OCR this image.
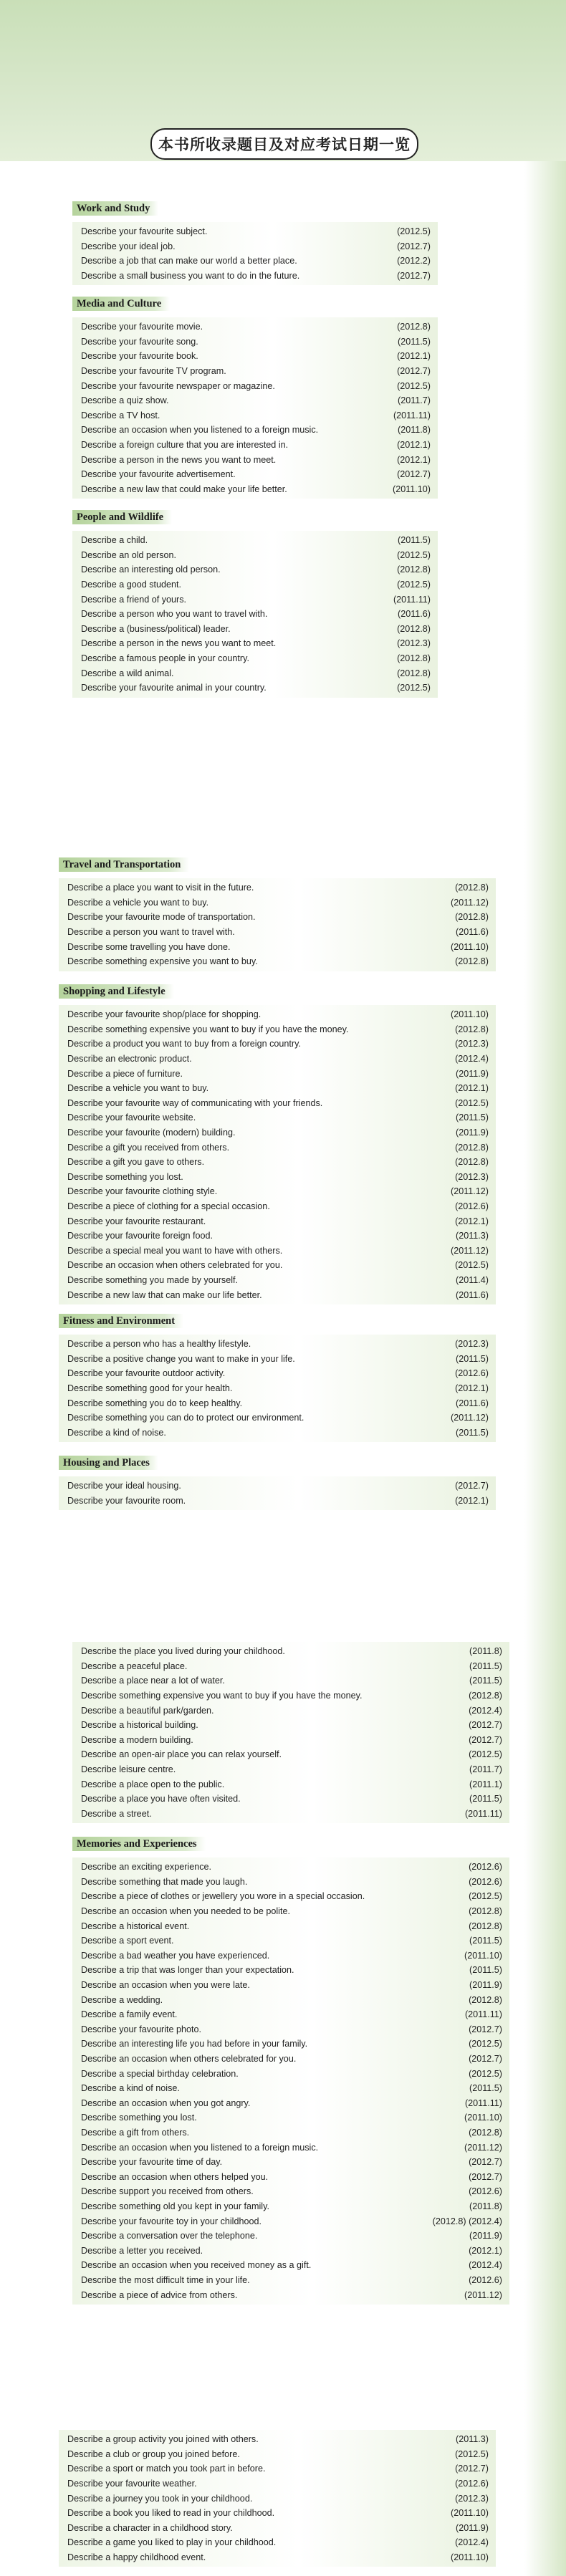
本书所收录题目及对应考试日期一览
Work and Study
Describe your favourite subject.	(2012.5)
Describe your ideal job.	(2012.7)
Describe a job that can make our world a better place.	(2012.2)
Describe a small business you want to do in the future.	(2012.7)
Media and Culture
Describe your favourite movie.	(2012.8)
Describe your favourite song.	(2011.5)
Describe your favourite book.	(2012.1)
Describe your favourite TV program.	(2012.7)
Describe your favourite newspaper or magazine.	(2012.5)
Describe a quiz show.	(2011.7)
Describe a TV host.	(2011.11)
Describe an occasion when you listened to a foreign music.	(2011.8)
Describe a foreign culture that you are interested in.	(2012.1)
Describe a person in the news you want to meet.	(2012.1)
Describe your favourite advertisement.	(2012.7)
Describe a new law that could make your life better.	(2011.10)
People and Wildlife
Describe a child.	(2011.5)
Describe an old person.	(2012.5)
Describe an interesting old person.	(2012.8)
Describe a good student.	(2012.5)
Describe a friend of yours.	(2011.11)
Describe a person who you want to travel with.	(2011.6)
Describe a (business/political) leader.	(2012.8)
Describe a person in the news you want to meet.	(2012.3)
Describe a famous people in your country.	(2012.8)
Describe a wild animal.	(2012.8)
Describe your favourite animal in your country.	(2012.5)
Travel and Transportation
Describe a place you want to visit in the future.	(2012.8)
Describe a vehicle you want to buy.	(2011.12)
Describe your favourite mode of transportation.	(2012.8)
Describe a person you want to travel with.	(2011.6)
Describe some travelling you have done.	(2011.10)
Describe something expensive you want to buy.	(2012.8)
Shopping and Lifestyle
Describe your favourite shop/place for shopping.	(2011.10)
Describe something expensive you want to buy if you have the money.	(2012.8)
Describe a product you want to buy from a foreign country.	(2012.3)
Describe an electronic product.	(2012.4)
Describe a piece of furniture.	(2011.9)
Describe a vehicle you want to buy.	(2012.1)
Describe your favourite way of communicating with your friends.	(2012.5)
Describe your favourite website.	(2011.5)
Describe your favourite (modern) building.	(2011.9)
Describe a gift you received from others.	(2012.8)
Describe a gift you gave to others.	(2012.8)
Describe something you lost.	(2012.3)
Describe your favourite clothing style.	(2011.12)
Describe a piece of clothing for a special occasion.	(2012.6)
Describe your favourite restaurant.	(2012.1)
Describe your favourite foreign food.	(2011.3)
Describe a special meal you want to have with others.	(2011.12)
Describe an occasion when others celebrated for you.	(2012.5)
Describe something you made by yourself.	(2011.4)
Describe a new law that can make our life better.	(2011.6)
Fitness and Environment
Describe a person who has a healthy lifestyle.	(2012.3)
Describe a positive change you want to make in your life.	(2011.5)
Describe your favourite outdoor activity.	(2012.6)
Describe something good for your health.	(2012.1)
Describe something you do to keep healthy.	(2011.6)
Describe something you can do to protect our environment.	(2011.12)
Describe a kind of noise.	(2011.5)
Housing and Places
Describe your ideal housing.	(2012.7)
Describe your favourite room.	(2012.1)
Describe the place you lived during your childhood.	(2011.8)
Describe a peaceful place.	(2011.5)
Describe a place near a lot of water.	(2011.5)
Describe something expensive you want to buy if you have the money.	(2012.8)
Describe a beautiful park/garden.	(2012.4)
Describe a historical building.	(2012.7)
Describe a modern building.	(2012.7)
Describe an open-air place you can relax yourself.	(2012.5)
Describe leisure centre.	(2011.7)
Describe a place open to the public.	(2011.1)
Describe a place you have often visited.	(2011.5)
Describe a street.	(2011.11)
Memories and Experiences
Describe an exciting experience.	(2012.6)
Describe something that made you laugh.	(2012.6)
Describe a piece of clothes or jewellery you wore in a special occasion.	(2012.5)
Describe an occasion when you needed to be polite.	(2012.8)
Describe a historical event.	(2012.8)
Describe a sport event.	(2011.5)
Describe a bad weather you have experienced.	(2011.10)
Describe a trip that was longer than your expectation.	(2011.5)
Describe an occasion when you were late.	(2011.9)
Describe a wedding.	(2012.8)
Describe a family event.	(2011.11)
Describe your favourite photo.	(2012.7)
Describe an interesting life you had before in your family.	(2012.5)
Describe an occasion when others celebrated for you.	(2012.7)
Describe a special birthday celebration.	(2012.5)
Describe a kind of noise.	(2011.5)
Describe an occasion when you got angry.	(2011.11)
Describe something you lost.	(2011.10)
Describe a gift from others.	(2012.8)
Describe an occasion when you listened to a foreign music.	(2011.12)
Describe your favourite time of day.	(2012.7)
Describe an occasion when others helped you.	(2012.7)
Describe support you received from others.	(2012.6)
Describe something old you kept in your family.	(2011.8)
Describe your favourite toy in your childhood.	(2012.8) (2012.4)
Describe a conversation over the telephone.	(2011.9)
Describe a letter you received.	(2012.1)
Describe an occasion when you received money as a gift.	(2012.4)
Describe the most difficult time in your life.	(2012.6)
Describe a piece of advice from others.	(2011.12)
Describe a group activity you joined with others.	(2011.3)
Describe a club or group you joined before.	(2012.5)
Describe a sport or match you took part in before.	(2012.7)
Describe your favourite weather.	(2012.6)
Describe a journey you took in your childhood.	(2012.3)
Describe a book you liked to read in your childhood.	(2011.10)
Describe a character in a childhood story.	(2011.9)
Describe a game you liked to play in your childhood.	(2012.4)
Describe a happy childhood event.	(2011.10)
